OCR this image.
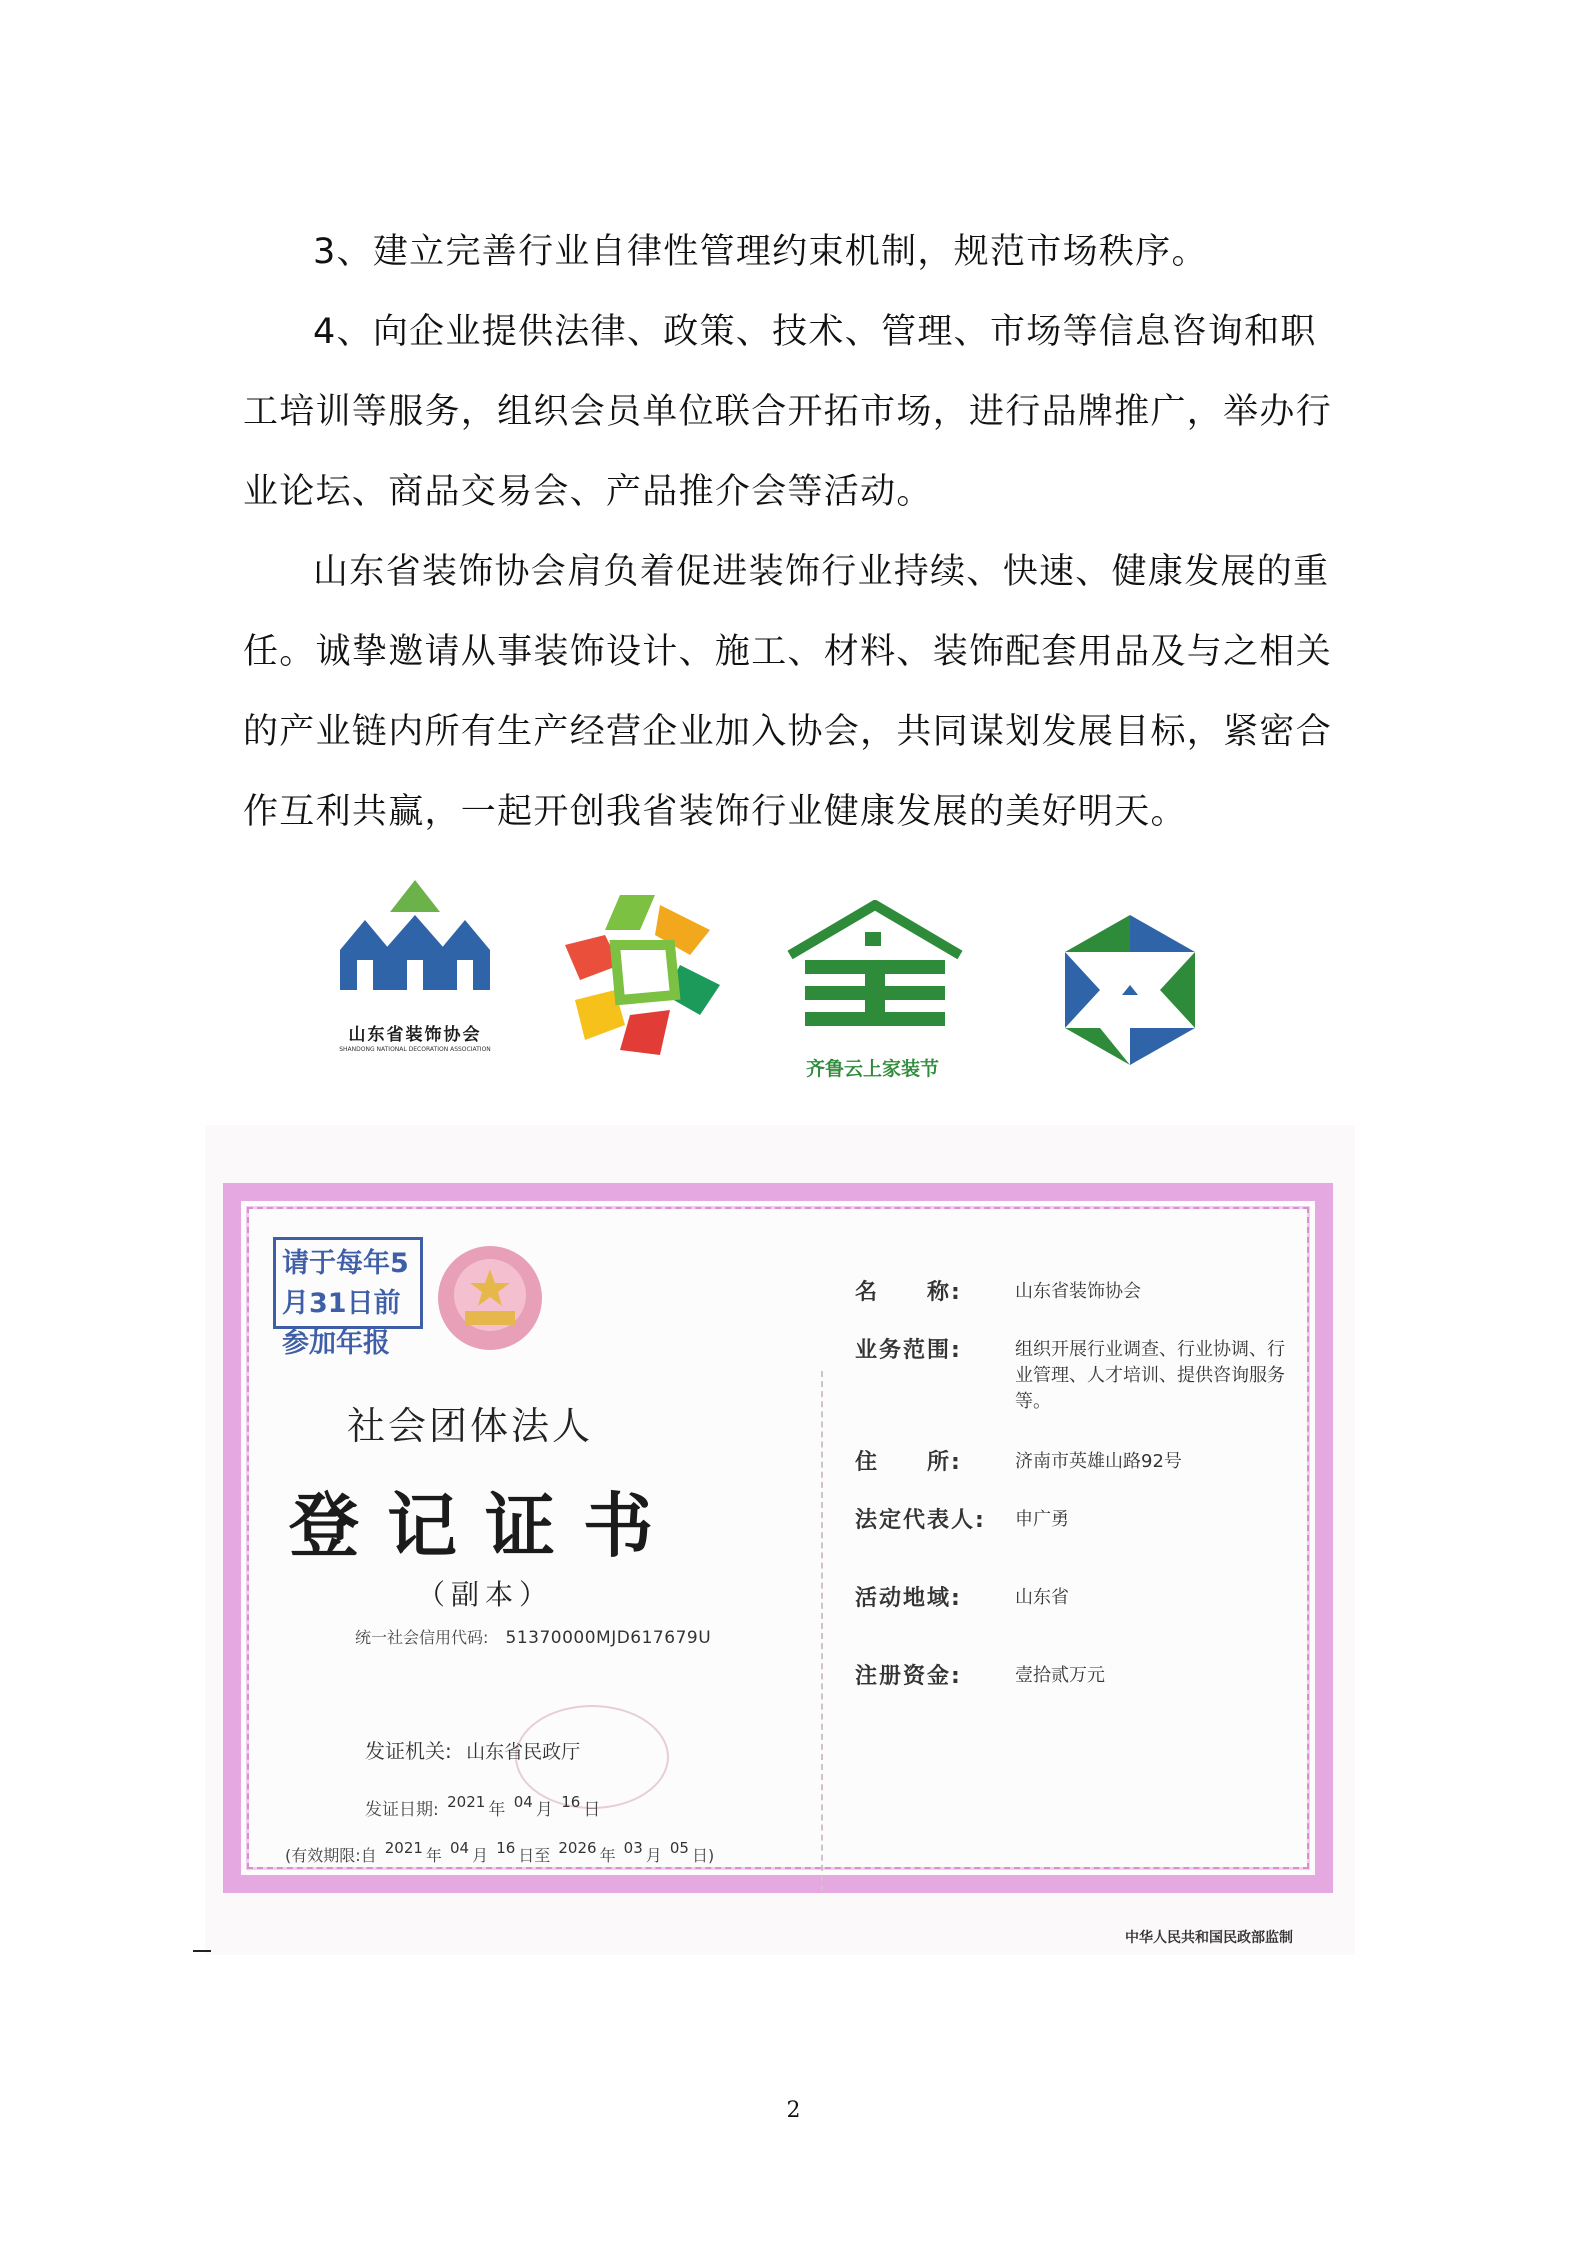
3、建立完善行业自律性管理约束机制，规范市场秩序。

4、向企业提供法律、政策、技术、管理、市场等信息咨询和职工培训等服务，组织会员单位联合开拓市场，进行品牌推广，举办行业论坛、商品交易会、产品推介会等活动。

山东省装饰协会肩负着促进装饰行业持续、快速、健康发展的重任。诚挚邀请从事装饰设计、施工、材料、装饰配套用品及与之相关的产业链内所有生产经营企业加入协会，共同谋划发展目标，紧密合作互利共赢，一起开创我省装饰行业健康发展的美好明天。

山东省装饰协会
SHANDONG NATIONAL DECORATION ASSOCIATION
齐鲁云上家装节
请于每年5月31日前参加年报
社会团体法人
登记证书
（副本）
统一社会信用代码: 51370000MJD617679U
发证机关: 山东省民政厅
发证日期: 2021 年 04 月 16 日
(有效期限:自 2021 年 04 月 16 日至 2026 年 03 月 05 日)
名　　称:	山东省装饰协会
业务范围:	组织开展行业调查、行业协调、行业管理、人才培训、提供咨询服务等。
住　　所:	济南市英雄山路92号
法定代表人:	申广勇
活动地域:	山东省
注册资金:	壹拾贰万元
中华人民共和国民政部监制
2
